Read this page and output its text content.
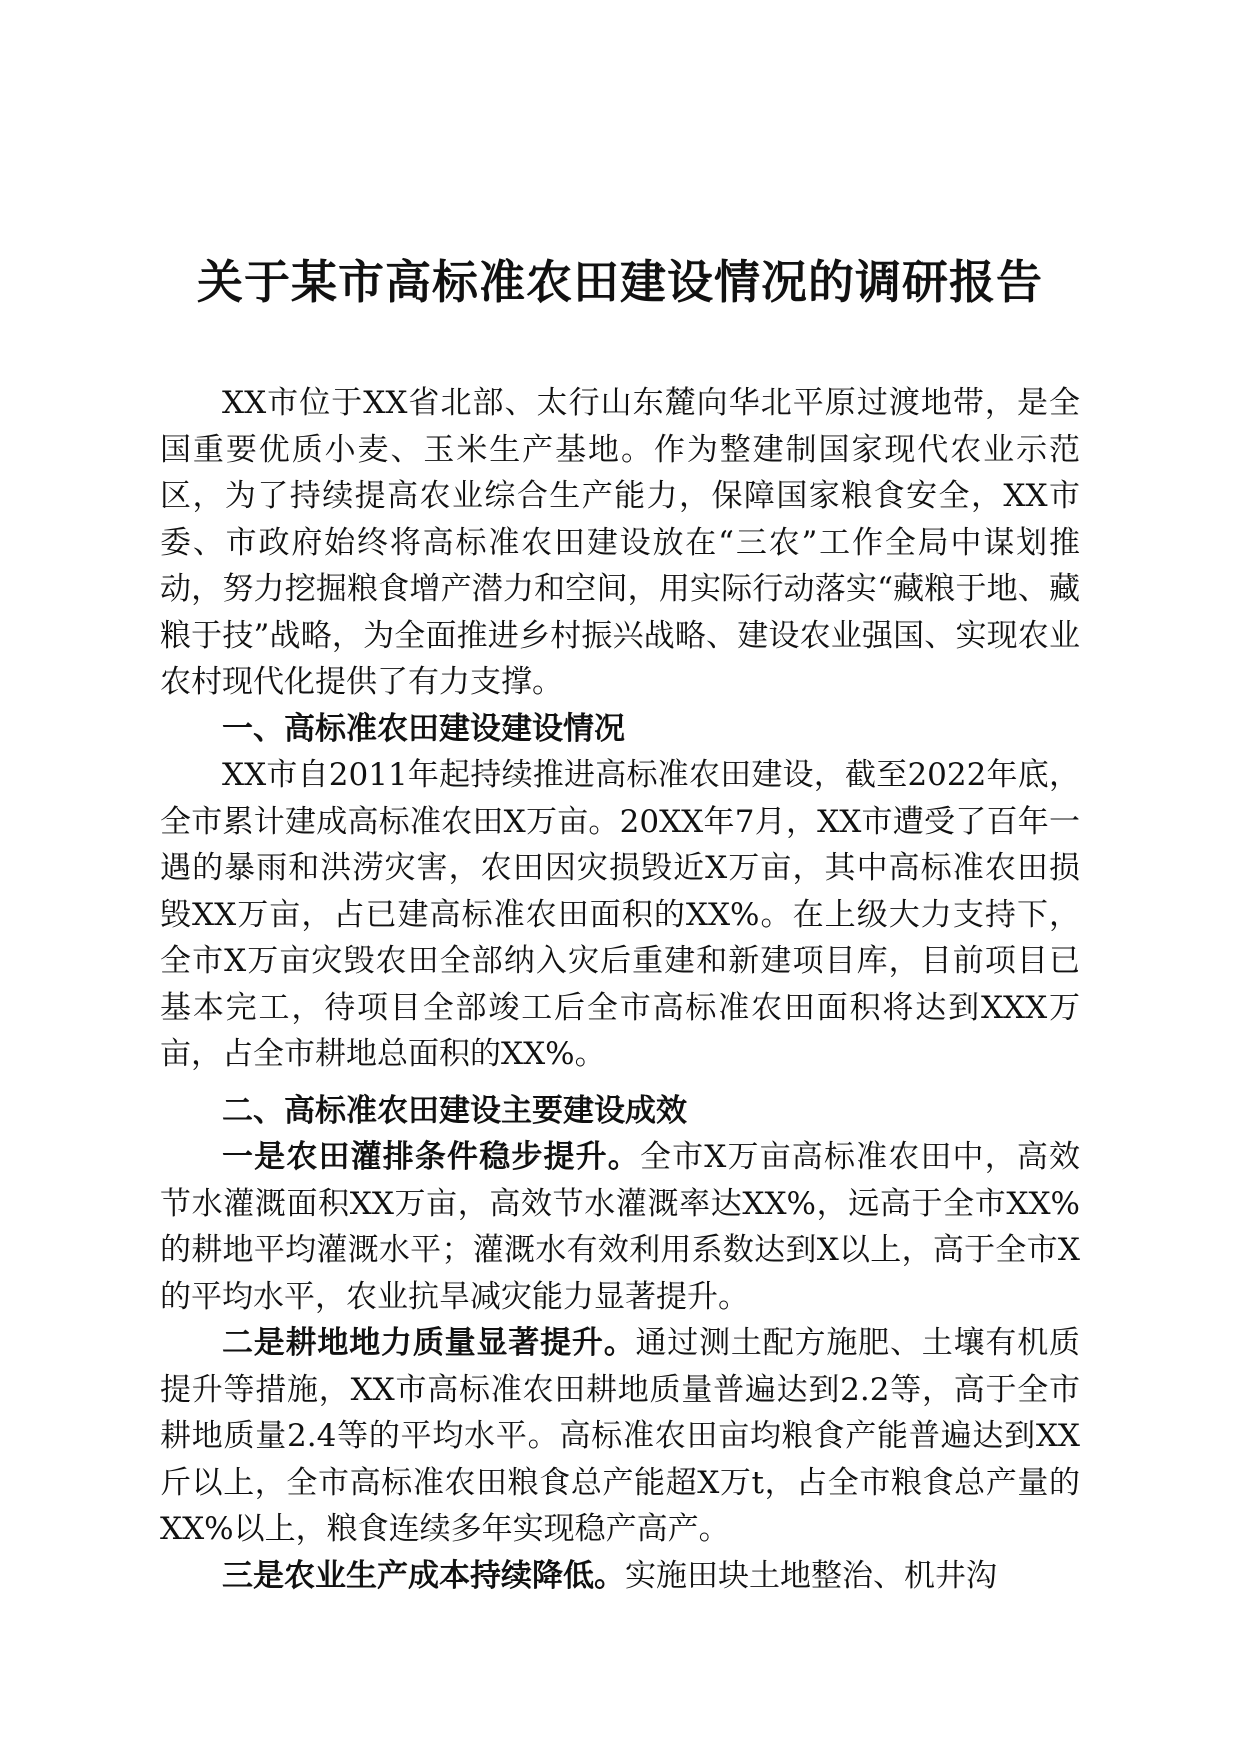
关于某市高标准农田建设情况的调研报告

XX市位于XX省北部、太行山东麓向华北平原过渡地带，是全国重要优质小麦、玉米生产基地。作为整建制国家现代农业示范区，为了持续提高农业综合生产能力，保障国家粮食安全，XX市委、市政府始终将高标准农田建设放在“三农”工作全局中谋划推动，努力挖掘粮食增产潜力和空间，用实际行动落实“藏粮于地、藏粮于技”战略，为全面推进乡村振兴战略、建设农业强国、实现农业农村现代化提供了有力支撑。

一、高标准农田建设建设情况

XX市自2011年起持续推进高标准农田建设，截至2022年底，全市累计建成高标准农田X万亩。20XX年7月，XX市遭受了百年一遇的暴雨和洪涝灾害，农田因灾损毁近X万亩，其中高标准农田损毁XX万亩，占已建高标准农田面积的XX%。在上级大力支持下，全市X万亩灾毁农田全部纳入灾后重建和新建项目库，目前项目已基本完工，待项目全部竣工后全市高标准农田面积将达到XXX万亩，占全市耕地总面积的XX%。

二、高标准农田建设主要建设成效

一是农田灌排条件稳步提升。全市X万亩高标准农田中，高效节水灌溉面积XX万亩，高效节水灌溉率达XX%，远高于全市XX%的耕地平均灌溉水平；灌溉水有效利用系数达到X以上，高于全市X的平均水平，农业抗旱减灾能力显著提升。

二是耕地地力质量显著提升。通过测土配方施肥、土壤有机质提升等措施，XX市高标准农田耕地质量普遍达到2.2等，高于全市耕地质量2.4等的平均水平。高标准农田亩均粮食产能普遍达到XX斤以上，全市高标准农田粮食总产能超X万t，占全市粮食总产量的XX%以上，粮食连续多年实现稳产高产。

三是农业生产成本持续降低。实施田块土地整治、机井沟
